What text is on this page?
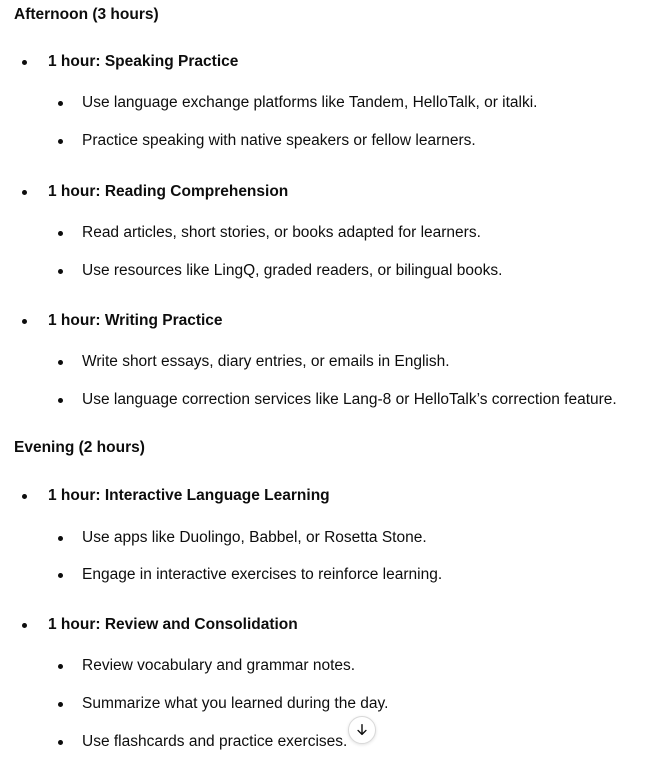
Afternoon (3 hours)
1 hour: Speaking Practice
Use language exchange platforms like Tandem, HelloTalk, or italki.
Practice speaking with native speakers or fellow learners.
1 hour: Reading Comprehension
Read articles, short stories, or books adapted for learners.
Use resources like LingQ, graded readers, or bilingual books.
1 hour: Writing Practice
Write short essays, diary entries, or emails in English.
Use language correction services like Lang-8 or HelloTalk’s correction feature.
Evening (2 hours)
1 hour: Interactive Language Learning
Use apps like Duolingo, Babbel, or Rosetta Stone.
Engage in interactive exercises to reinforce learning.
1 hour: Review and Consolidation
Review vocabulary and grammar notes.
Summarize what you learned during the day.
Use flashcards and practice exercises.
